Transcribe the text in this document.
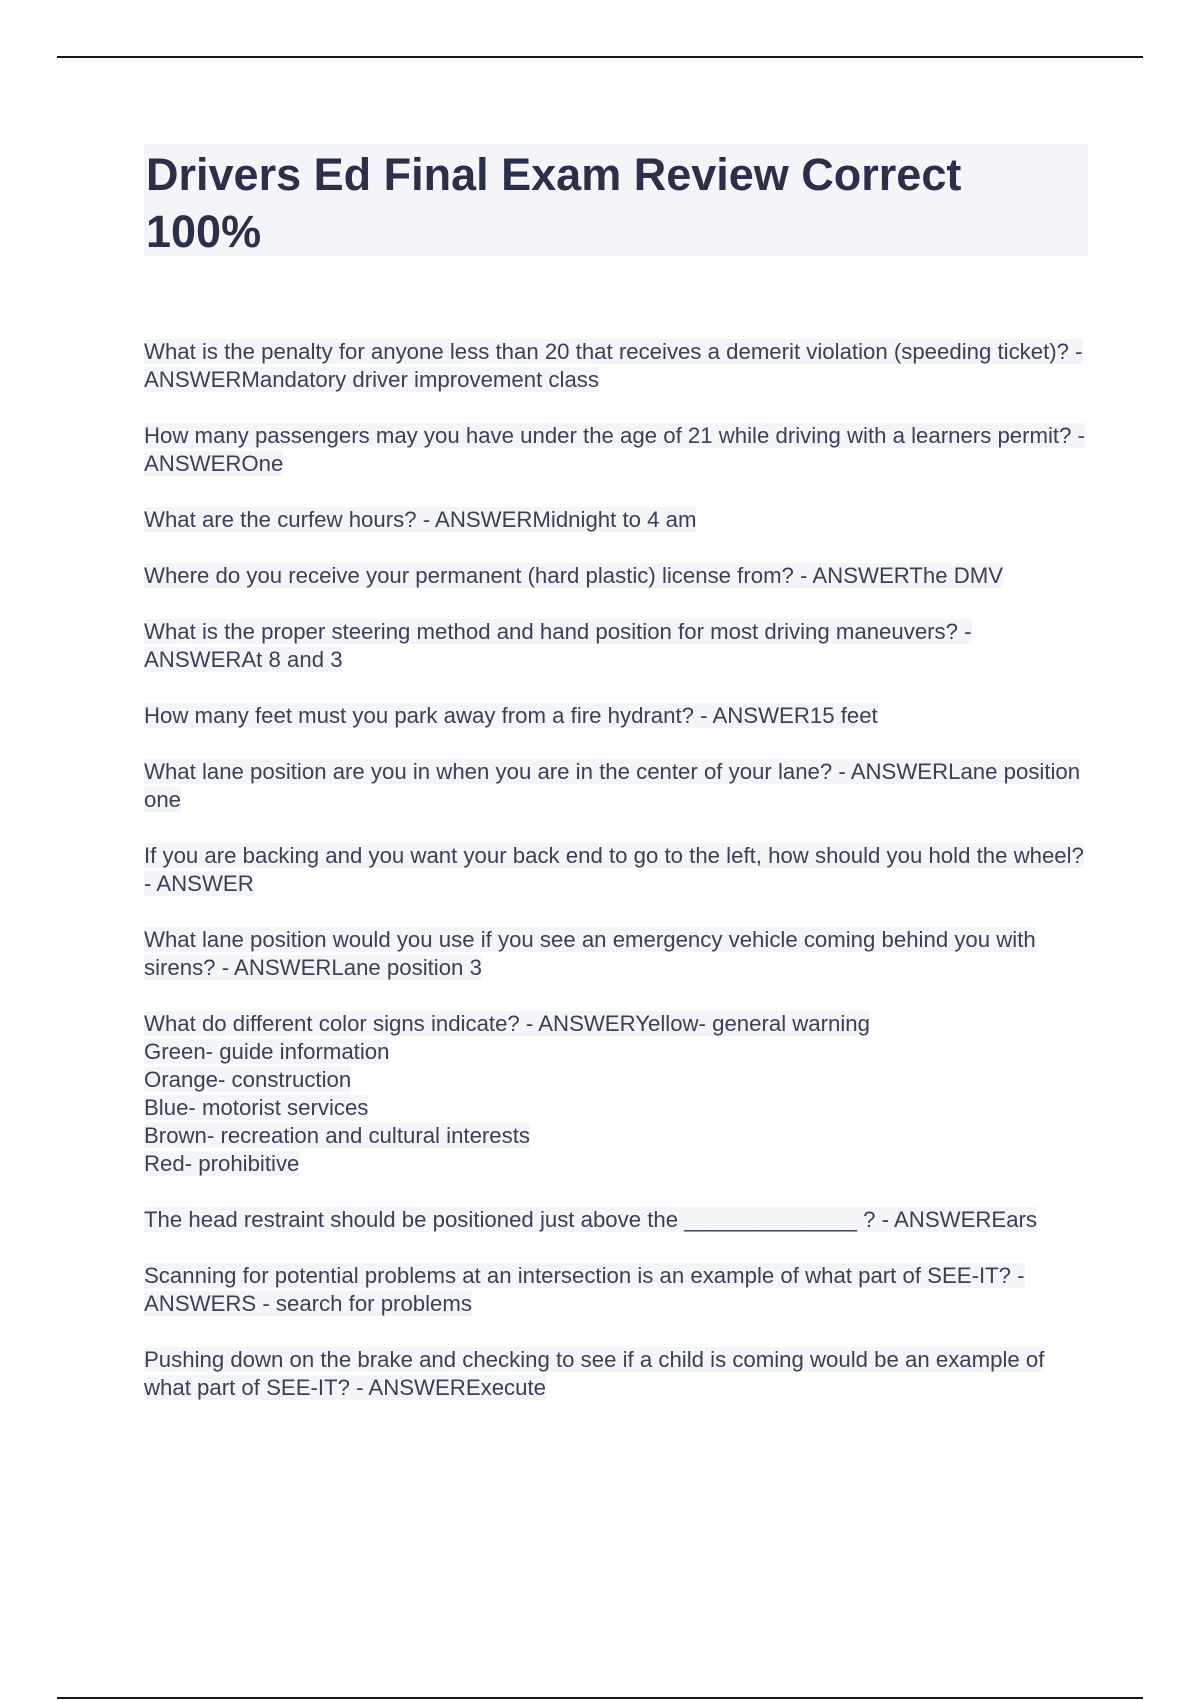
Drivers Ed Final Exam Review Correct 100%
What is the penalty for anyone less than 20 that receives a demerit violation (speeding ticket)? - ANSWERMandatory driver improvement class
How many passengers may you have under the age of 21 while driving with a learners permit? - ANSWEROne
What are the curfew hours? - ANSWERMidnight to 4 am
Where do you receive your permanent (hard plastic) license from? - ANSWERThe DMV
What is the proper steering method and hand position for most driving maneuvers? - ANSWERAt 8 and 3
How many feet must you park away from a fire hydrant? - ANSWER15 feet
What lane position are you in when you are in the center of your lane? - ANSWERLane position one
If you are backing and you want your back end to go to the left, how should you hold the wheel? - ANSWER
What lane position would you use if you see an emergency vehicle coming behind you with sirens? - ANSWERLane position 3
What do different color signs indicate? - ANSWERYellow- general warning
Green- guide information
Orange- construction
Blue- motorist services
Brown- recreation and cultural interests
Red- prohibitive
The head restraint should be positioned just above the ______________ ? - ANSWEREars
Scanning for potential problems at an intersection is an example of what part of SEE-IT? - ANSWERS - search for problems
Pushing down on the brake and checking to see if a child is coming would be an example of what part of SEE-IT? - ANSWERExecute
